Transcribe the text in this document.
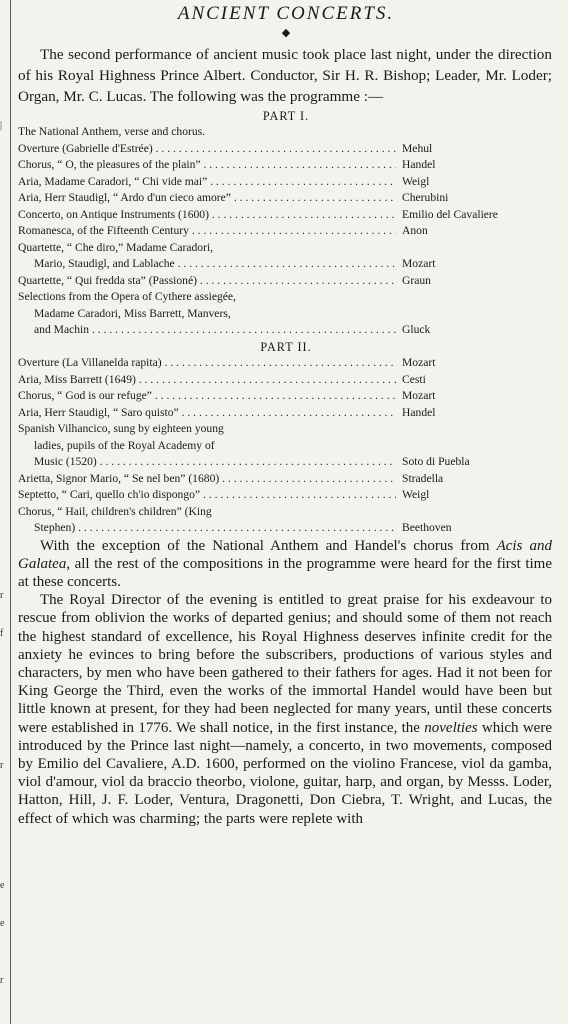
|
r
f
r
e
e
r
ANCIENT CONCERTS.
◆

The second performance of ancient music took place last night, under the direction of his Royal Highness Prince Albert. Conductor, Sir H. R. Bishop; Leader, Mr. Loder; Organ, Mr. C. Lucas. The following was the programme :—

PART I.
The National Anthem, verse and chorus.
Overture (Gabrielle d'Estrée) . . .	Mehul
Chorus, “ O, the pleasures of the plain” . . .	Handel
Aria, Madame Caradori, “ Chi vide mai” . . .	Weigl
Aria, Herr Staudigl, “ Ardo d'un cieco amore” . . .	Cherubini
Concerto, on Antique Instruments (1600) . . .	Emilio del Cavaliere
Romanesca, of the Fifteenth Century . . .	Anon
Quartette, “ Che diro,” Madame Caradori,
Mario, Staudigl, and Lablache . . .	Mozart
Quartette, “ Qui fredda sta” (Passioné) . . .	Graun
Selections from the Opera of Cythere assiegée,
Madame Caradori, Miss Barrett, Manvers,
and Machin . . .	Gluck
PART II.
Overture (La Villanelda rapita) . . .	Mozart
Aria, Miss Barrett (1649) . . .	Cesti
Chorus, “ God is our refuge” . . .	Mozart
Aria, Herr Staudigl, “ Saro quisto” . . .	Handel
Spanish Vilhancico, sung by eighteen young
ladies, pupils of the Royal Academy of
Music (1520) . . .	Soto di Puebla
Arietta, Signor Mario, “ Se nel ben” (1680) . . .	Stradella
Septetto, “ Cari, quello ch'io dispongo” . . .	Weigl
Chorus, “ Hail, children's children” (King
Stephen) . . .	Beethoven

With the exception of the National Anthem and Handel's chorus from Acis and Galatea, all the rest of the compositions in the programme were heard for the first time at these concerts.

The Royal Director of the evening is entitled to great praise for his exdeavour to rescue from oblivion the works of departed genius; and should some of them not reach the highest standard of excellence, his Royal Highness deserves infinite credit for the anxiety he evinces to bring before the subscribers, productions of various styles and characters, by men who have been gathered to their fathers for ages. Had it not been for King George the Third, even the works of the immortal Handel would have been but little known at present, for they had been neglected for many years, until these concerts were established in 1776. We shall notice, in the first instance, the novelties which were introduced by the Prince last night—namely, a concerto, in two movements, composed by Emilio del Cavaliere, A.D. 1600, performed on the violino Francese, viol da gamba, viol d'amour, viol da braccio theorbo, violone, guitar, harp, and organ, by Messs. Loder, Hatton, Hill, J. F. Loder, Ventura, Dragonetti, Don Ciebra, T. Wright, and Lucas, the effect of which was charming; the parts were replete with
